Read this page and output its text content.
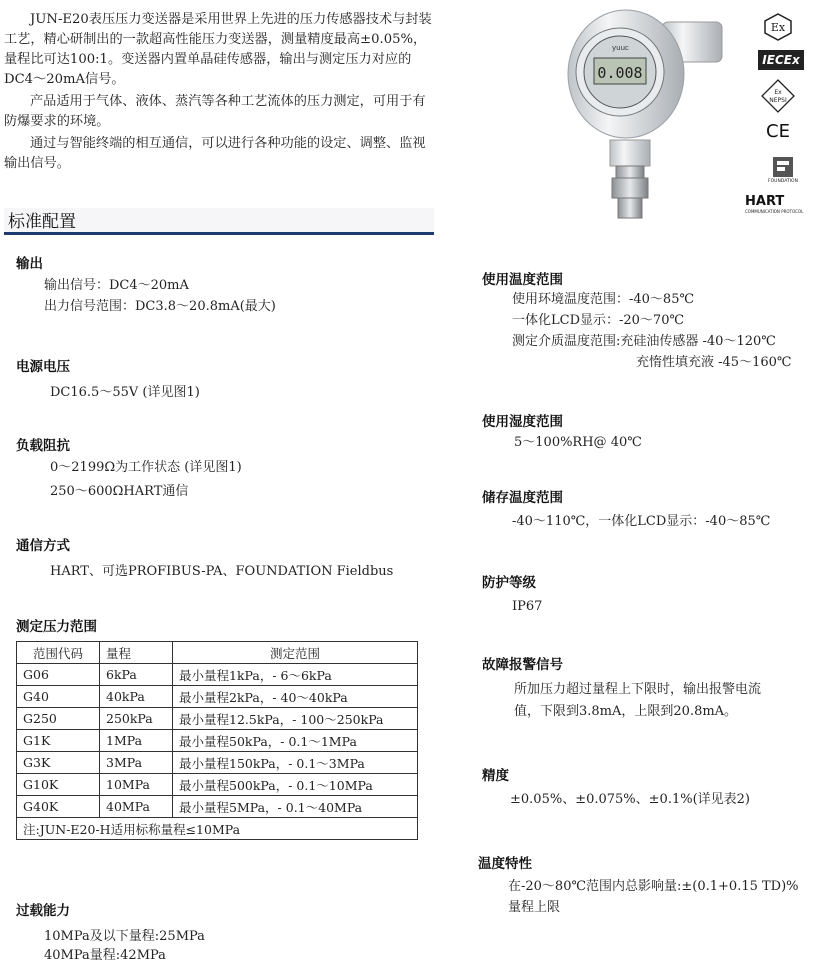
JUN-E20表压压力变送器是采用世界上先进的压力传感器技术与封装工艺，精心研制出的一款超高性能压力变送器，测量精度最高±0.05%，量程比可达100:1。变送器内置单晶硅传感器，输出与测定压力对应的DC4～20mA信号。

产品适用于气体、液体、蒸汽等各种工艺流体的压力测定，可用于有防爆要求的环境。

通过与智能终端的相互通信，可以进行各种功能的设定、调整、监视输出信号。

0.008
yuuc
Ex
IECEx
Ex
NEPSI
CE
FOUNDATION
HART
COMMUNICATION PROTOCOL
标准配置
输出
输出信号：DC4～20mA
出力信号范围：DC3.8～20.8mA(最大)
电源电压
DC16.5～55V (详见图1)
负载阻抗
0～2199Ω为工作状态 (详见图1)
250～600ΩHART通信
通信方式
HART、可选PROFIBUS-PA、FOUNDATION Fieldbus
测定压力范围
范围代码	量程	测定范围
G06	6kPa	最小量程1kPa，- 6～6kPa
G40	40kPa	最小量程2kPa，- 40～40kPa
G250	250kPa	最小量程12.5kPa，- 100～250kPa
G1K	1MPa	最小量程50kPa，- 0.1～1MPa
G3K	3MPa	最小量程150kPa，- 0.1～3MPa
G10K	10MPa	最小量程500kPa，- 0.1～10MPa
G40K	40MPa	最小量程5MPa，- 0.1～40MPa
注:JUN-E20-H适用标称量程≤10MPa		
过载能力
10MPa及以下量程:25MPa
40MPa量程:42MPa
使用温度范围
使用环境温度范围：-40～85℃
一体化LCD显示：-20～70℃
测定介质温度范围:充硅油传感器 -40～120℃
充惰性填充液 -45～160℃
使用湿度范围
5～100%RH@ 40℃
储存温度范围
-40～110℃，一体化LCD显示：-40～85℃
防护等级
IP67
故障报警信号
所加压力超过量程上下限时，输出报警电流
值，下限到3.8mA，上限到20.8mA。
精度
±0.05%、±0.075%、±0.1%(详见表2)
温度特性
在-20～80℃范围内总影响量:±(0.1+0.15 TD)%
量程上限
